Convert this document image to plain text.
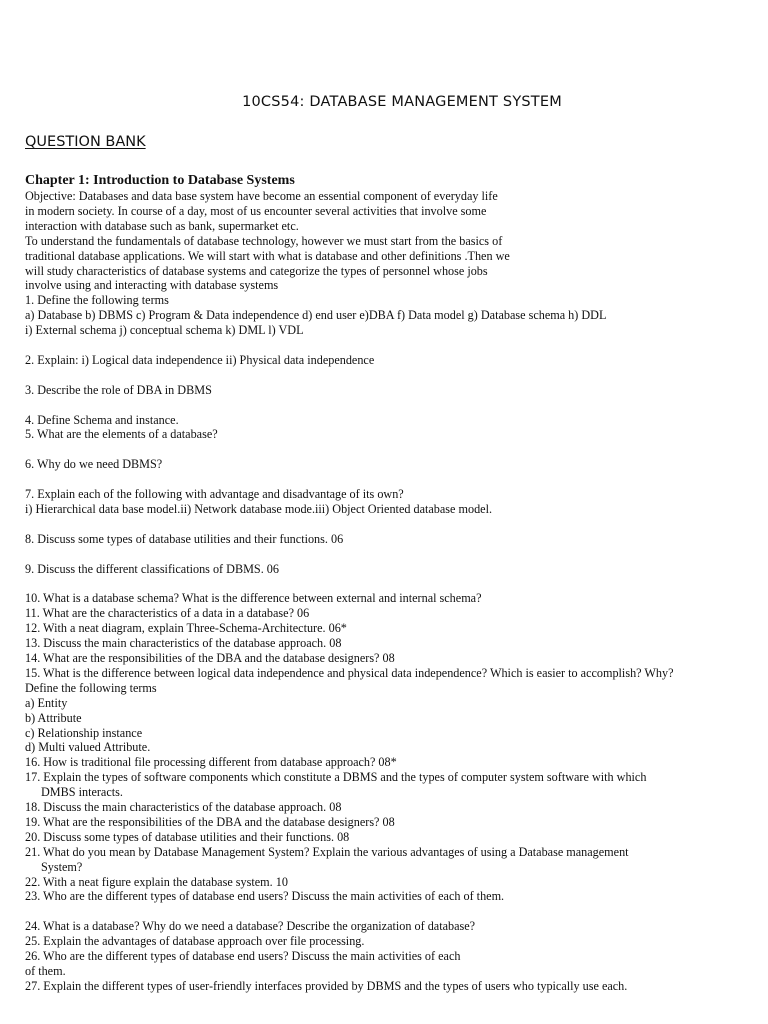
10CS54: DATABASE MANAGEMENT SYSTEM
QUESTION BANK
Chapter 1: Introduction to Database Systems
Objective: Databases and data base system have become an essential component of everyday life
in modern society. In course of a day, most of us encounter several activities that involve some
interaction with database such as bank, supermarket etc.
To understand the fundamentals of database technology, however we must start from the basics of
traditional database applications. We will start with what is database and other definitions .Then we
will study characteristics of database systems and categorize the types of personnel whose jobs
involve using and interacting with database systems
1. Define the following terms
a) Database b) DBMS c) Program & Data independence d) end user e)DBA f) Data model g) Database schema h) DDL
i) External schema j) conceptual schema k) DML l) VDL
2. Explain: i) Logical data independence ii) Physical data independence
3. Describe the role of DBA in DBMS
4. Define Schema and instance.
5. What are the elements of a database?
6. Why do we need DBMS?
7. Explain each of the following with advantage and disadvantage of its own?
i) Hierarchical data base model.ii) Network database mode.iii) Object Oriented database model.
8. Discuss some types of database utilities and their functions. 06
9. Discuss the different classifications of DBMS. 06
10. What is a database schema? What is the difference between external and internal schema?
11. What are the characteristics of a data in a database? 06
12. With a neat diagram, explain Three-Schema-Architecture. 06*
13. Discuss the main characteristics of the database approach. 08
14. What are the responsibilities of the DBA and the database designers? 08
15. What is the difference between logical data independence and physical data independence? Which is easier to accomplish? Why?
Define the following terms
a) Entity
b) Attribute
c) Relationship instance
d) Multi valued Attribute.
16. How is traditional file processing different from database approach? 08*
17. Explain the types of software components which constitute a DBMS and the types of computer system software with which
DMBS interacts.
18. Discuss the main characteristics of the database approach. 08
19. What are the responsibilities of the DBA and the database designers? 08
20. Discuss some types of database utilities and their functions. 08
21. What do you mean by Database Management System? Explain the various advantages of using a Database management
System?
22. With a neat figure explain the database system. 10
23. Who are the different types of database end users? Discuss the main activities of each of them.
24. What is a database? Why do we need a database? Describe the organization of database?
25. Explain the advantages of database approach over file processing.
26. Who are the different types of database end users? Discuss the main activities of each
of them.
27. Explain the different types of user-friendly interfaces provided by DBMS and the types of users who typically use each.
